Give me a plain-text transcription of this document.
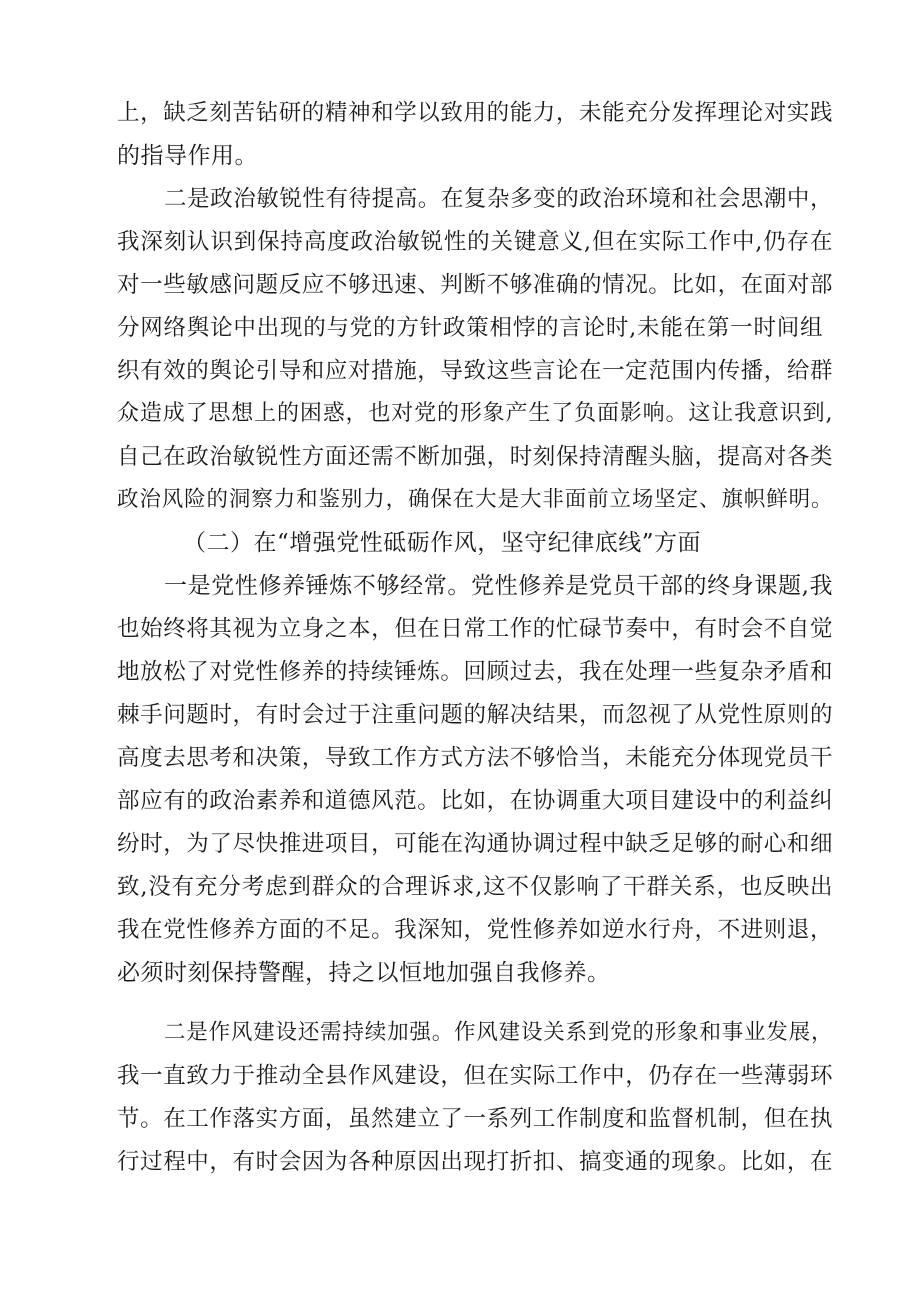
上，缺乏刻苦钻研的精神和学以致用的能力，未能充分发挥理论对实践
的指导作用。
二是政治敏锐性有待提高。在复杂多变的政治环境和社会思潮中，
我深刻认识到保持高度政治敏锐性的关键意义,但在实际工作中,仍存在
对一些敏感问题反应不够迅速、判断不够准确的情况。比如，在面对部
分网络舆论中出现的与党的方针政策相悖的言论时,未能在第一时间组
织有效的舆论引导和应对措施，导致这些言论在一定范围内传播，给群
众造成了思想上的困惑，也对党的形象产生了负面影响。这让我意识到,
自己在政治敏锐性方面还需不断加强，时刻保持清醒头脑，提高对各类
政治风险的洞察力和鉴别力，确保在大是大非面前立场坚定、旗帜鲜明。
（二）在“增强党性砥砺作风，坚守纪律底线”方面
一是党性修养锤炼不够经常。党性修养是党员干部的终身课题,我
也始终将其视为立身之本，但在日常工作的忙碌节奏中，有时会不自觉
地放松了对党性修养的持续锤炼。回顾过去，我在处理一些复杂矛盾和
棘手问题时，有时会过于注重问题的解决结果，而忽视了从党性原则的
高度去思考和决策，导致工作方式方法不够恰当，未能充分体现党员干
部应有的政治素养和道德风范。比如，在协调重大项目建设中的利益纠
纷时，为了尽快推进项目，可能在沟通协调过程中缺乏足够的耐心和细
致,没有充分考虑到群众的合理诉求,这不仅影响了干群关系，也反映出
我在党性修养方面的不足。我深知，党性修养如逆水行舟，不进则退，
必须时刻保持警醒，持之以恒地加强自我修养。
二是作风建设还需持续加强。作风建设关系到党的形象和事业发展，
我一直致力于推动全县作风建设，但在实际工作中，仍存在一些薄弱环
节。在工作落实方面，虽然建立了一系列工作制度和监督机制，但在执
行过程中，有时会因为各种原因出现打折扣、搞变通的现象。比如，在
